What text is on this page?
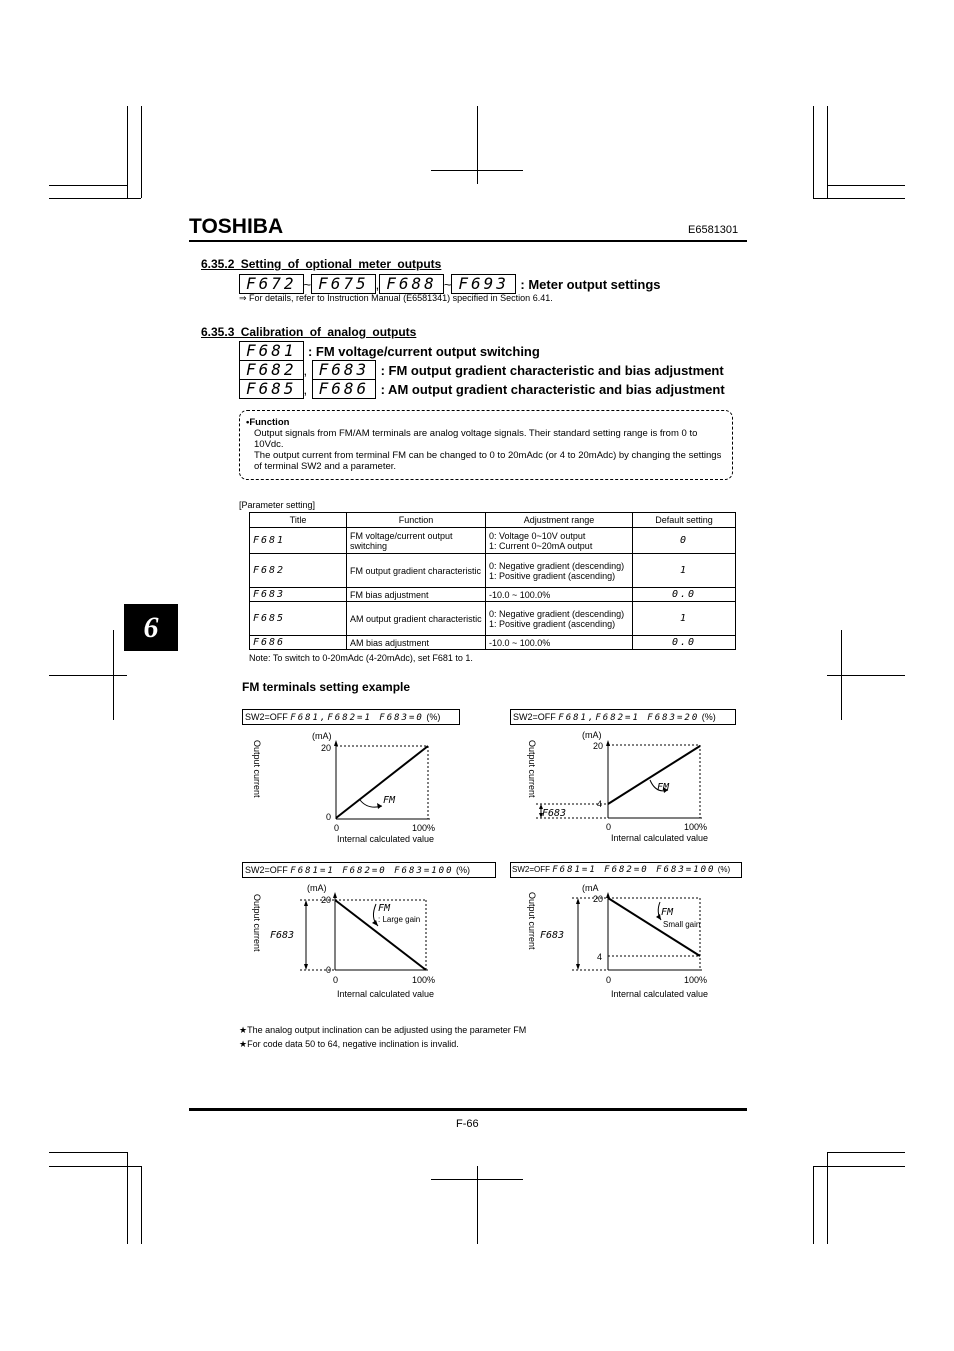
TOSHIBA	E6581301
6
6.35.2 Setting of optional meter outputs
F672 ~ F675 , F688 ~ F693 : Meter output settings
⇒ For details, refer to Instruction Manual (E6581341) specified in Section 6.41.
6.35.3 Calibration of analog outputs
F681 : FM voltage/current output switching
F682 , F683 : FM output gradient characteristic and bias adjustment
F685 , F686 : AM output gradient characteristic and bias adjustment
•Function
Output signals from FM/AM terminals are analog voltage signals. Their standard setting range is from 0 to
10Vdc.
The output current from terminal FM can be changed to 0 to 20mAdc (or 4 to 20mAdc) by changing the settings
of terminal SW2 and a parameter.
[Parameter setting]
Title	Function	Adjustment range	Default setting
F681	FM voltage/current output switching	0: Voltage 0~10V output
1: Current 0~20mA output	0
F682	FM output gradient characteristic	0: Negative gradient (descending)
1: Positive gradient (ascending)	1
F683	FM bias adjustment	-10.0 ~ 100.0%	0.0
F685	AM output gradient characteristic	0: Negative gradient (descending)
1: Positive gradient (ascending)	1
F686	AM bias adjustment	-10.0 ~ 100.0%	0.0
Note: To switch to 0-20mAdc (4-20mAdc), set F681 to 1.
FM terminals setting example
SW2=OFF F681,F682=1 F683=0 (%)
Output current
(mA)
20
0
FM
0	100%
Internal calculated value
SW2=OFF F681,F682=1 F683=20 (%)
Output current
(mA)
20
4
F683
FM
0	100%
Internal calculated value
SW2=OFF F681=1 F682=0 F683=100 (%)
Output current
(mA)
20
0
F683
FM
: Large gain
0	100%
Internal calculated value
SW2=OFF F681=1 F682=0 F683=100 (%)
Output current
(mA
20
4
F683
FM
Small gain
0	100%
Internal calculated value
★The analog output inclination can be adjusted using the parameter FM
★For code data 50 to 64, negative inclination is invalid.
F-66
